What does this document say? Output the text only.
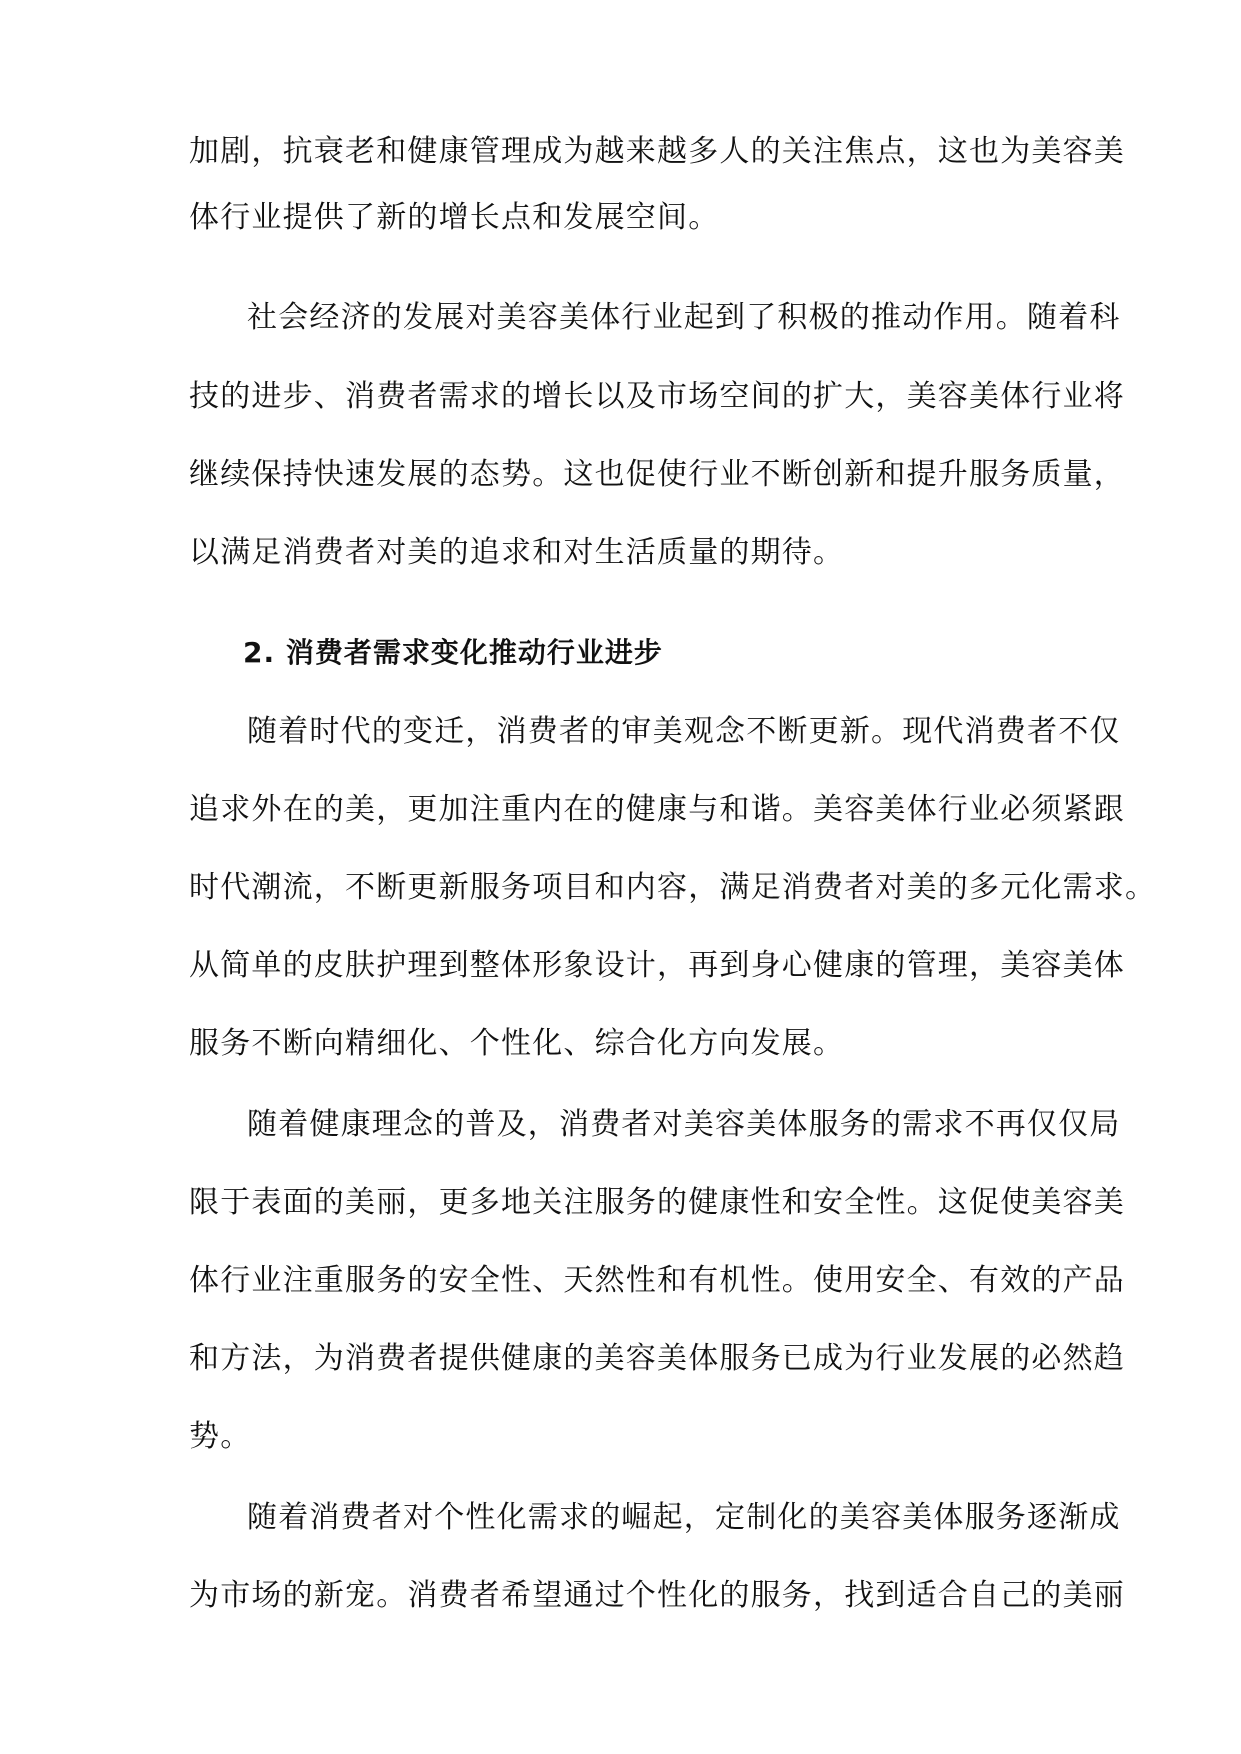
加剧，抗衰老和健康管理成为越来越多人的关注焦点，这也为美容美
体行业提供了新的增长点和发展空间。
社会经济的发展对美容美体行业起到了积极的推动作用。随着科
技的进步、消费者需求的增长以及市场空间的扩大，美容美体行业将
继续保持快速发展的态势。这也促使行业不断创新和提升服务质量，
以满足消费者对美的追求和对生活质量的期待。
2. 消费者需求变化推动行业进步
随着时代的变迁，消费者的审美观念不断更新。现代消费者不仅
追求外在的美，更加注重内在的健康与和谐。美容美体行业必须紧跟
时代潮流，不断更新服务项目和内容，满足消费者对美的多元化需求。
从简单的皮肤护理到整体形象设计，再到身心健康的管理，美容美体
服务不断向精细化、个性化、综合化方向发展。
随着健康理念的普及，消费者对美容美体服务的需求不再仅仅局
限于表面的美丽，更多地关注服务的健康性和安全性。这促使美容美
体行业注重服务的安全性、天然性和有机性。使用安全、有效的产品
和方法，为消费者提供健康的美容美体服务已成为行业发展的必然趋
势。
随着消费者对个性化需求的崛起，定制化的美容美体服务逐渐成
为市场的新宠。消费者希望通过个性化的服务，找到适合自己的美丽
